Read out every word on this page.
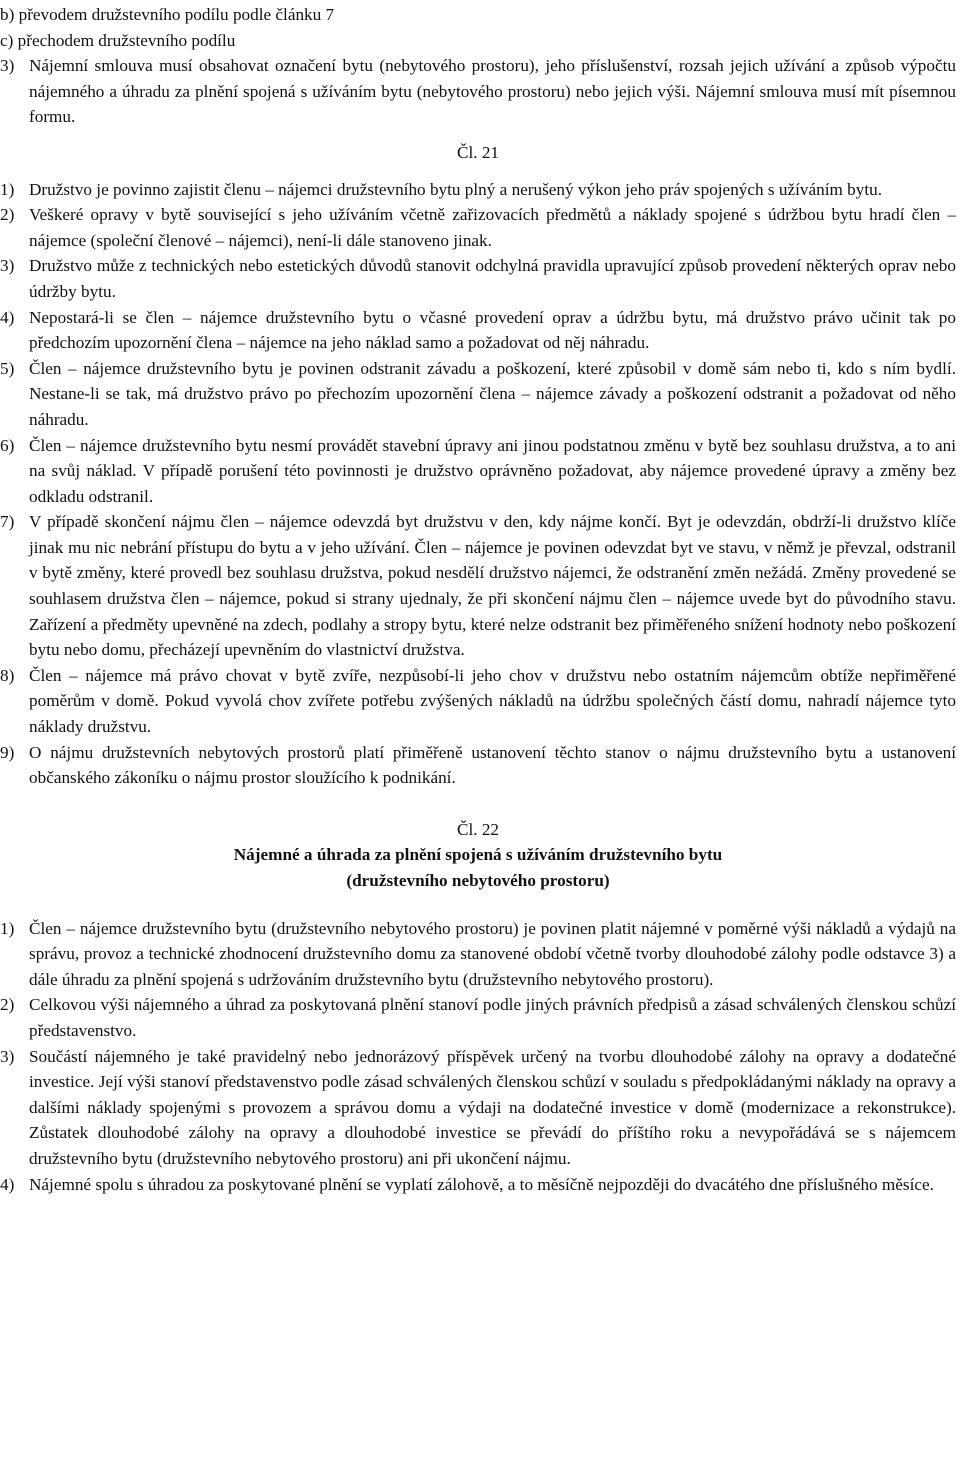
b) převodem družstevního podílu podle článku 7
c) přechodem družstevního podílu
3) Nájemní smlouva musí obsahovat označení bytu (nebytového prostoru), jeho příslušenství, rozsah jejich užívání a způsob výpočtu nájemného a úhradu za plnění spojená s užíváním bytu (nebytového prostoru) nebo jejich výši. Nájemní smlouva musí mít písemnou formu.
Čl. 21
1) Družstvo je povinno zajistit členu – nájemci družstevního bytu plný a nerušený výkon jeho práv spojených s užíváním bytu.
2) Veškeré opravy v bytě související s jeho užíváním včetně zařizovacích předmětů a náklady spojené s údržbou bytu hradí člen – nájemce (společní členové – nájemci), není-li dále stanoveno jinak.
3) Družstvo může z technických nebo estetických důvodů stanovit odchylná pravidla upravující způsob provedení některých oprav nebo údržby bytu.
4) Nepostará-li se člen – nájemce družstevního bytu o včasné provedení oprav a údržbu bytu, má družstvo právo učinit tak po předchozím upozornění člena – nájemce na jeho náklad samo a požadovat od něj náhradu.
5) Člen – nájemce družstevního bytu je povinen odstranit závadu a poškození, které způsobil v domě sám nebo ti, kdo s ním bydlí. Nestane-li se tak, má družstvo právo po přechozím upozornění člena – nájemce závady a poškození odstranit a požadovat od něho náhradu.
6) Člen – nájemce družstevního bytu nesmí provádět stavební úpravy ani jinou podstatnou změnu v bytě bez souhlasu družstva, a to ani na svůj náklad. V případě porušení této povinnosti je družstvo oprávněno požadovat, aby nájemce provedené úpravy a změny bez odkladu odstranil.
7) V případě skončení nájmu člen – nájemce odevzdá byt družstvu v den, kdy nájme končí. Byt je odevzdán, obdrží-li družstvo klíče jinak mu nic nebrání přístupu do bytu a v jeho užívání. Člen – nájemce je povinen odevzdat byt ve stavu, v němž je převzal, odstranil v bytě změny, které provedl bez souhlasu družstva, pokud nesdělí družstvo nájemci, že odstranění změn nežádá. Změny provedené se souhlasem družstva člen – nájemce, pokud si strany ujednaly, že při skončení nájmu člen – nájemce uvede byt do původního stavu. Zařízení a předměty upevněné na zdech, podlahy a stropy bytu, které nelze odstranit bez přiměřeného snížení hodnoty nebo poškození bytu nebo domu, přecházejí upevněním do vlastnictví družstva.
8) Člen – nájemce má právo chovat v bytě zvíře, nezpůsobí-li jeho chov v družstvu nebo ostatním nájemcům obtíže nepřiměřené poměrům v domě. Pokud vyvolá chov zvířete potřebu zvýšených nákladů na údržbu společných částí domu, nahradí nájemce tyto náklady družstvu.
9) O nájmu družstevních nebytových prostorů platí přiměřeně ustanovení těchto stanov o nájmu družstevního bytu a ustanovení občanského zákoníku o nájmu prostor sloužícího k podnikání.
Čl. 22
Nájemné a úhrada za plnění spojená s užíváním družstevního bytu
(družstevního nebytového prostoru)
1) Člen – nájemce družstevního bytu (družstevního nebytového prostoru) je povinen platit nájemné v poměrné výši nákladů a výdajů na správu, provoz a technické zhodnocení družstevního domu za stanovené období včetně tvorby dlouhodobé zálohy podle odstavce 3) a dále úhradu za plnění spojená s udržováním družstevního bytu (družstevního nebytového prostoru).
2) Celkovou výši nájemného a úhrad za poskytovaná plnění stanoví podle jiných právních předpisů a zásad schválených členskou schůzí představenstvo.
3) Součástí nájemného je také pravidelný nebo jednorázový příspěvek určený na tvorbu dlouhodobé zálohy na opravy a dodatečné investice. Její výši stanoví představenstvo podle zásad schválených členskou schůzí v souladu s předpokládanými náklady na opravy a dalšími náklady spojenými s provozem a správou domu a výdaji na dodatečné investice v domě (modernizace a rekonstrukce). Zůstatek dlouhodobé zálohy na opravy a dlouhodobé investice se převádí do příštího roku a nevypořádává se s nájemcem družstevního bytu (družstevního nebytového prostoru) ani při ukončení nájmu.
4) Nájemné spolu s úhradou za poskytované plnění se vyplatí zálohově, a to měsíčně nejpozději do dvacátého dne příslušného měsíce.
